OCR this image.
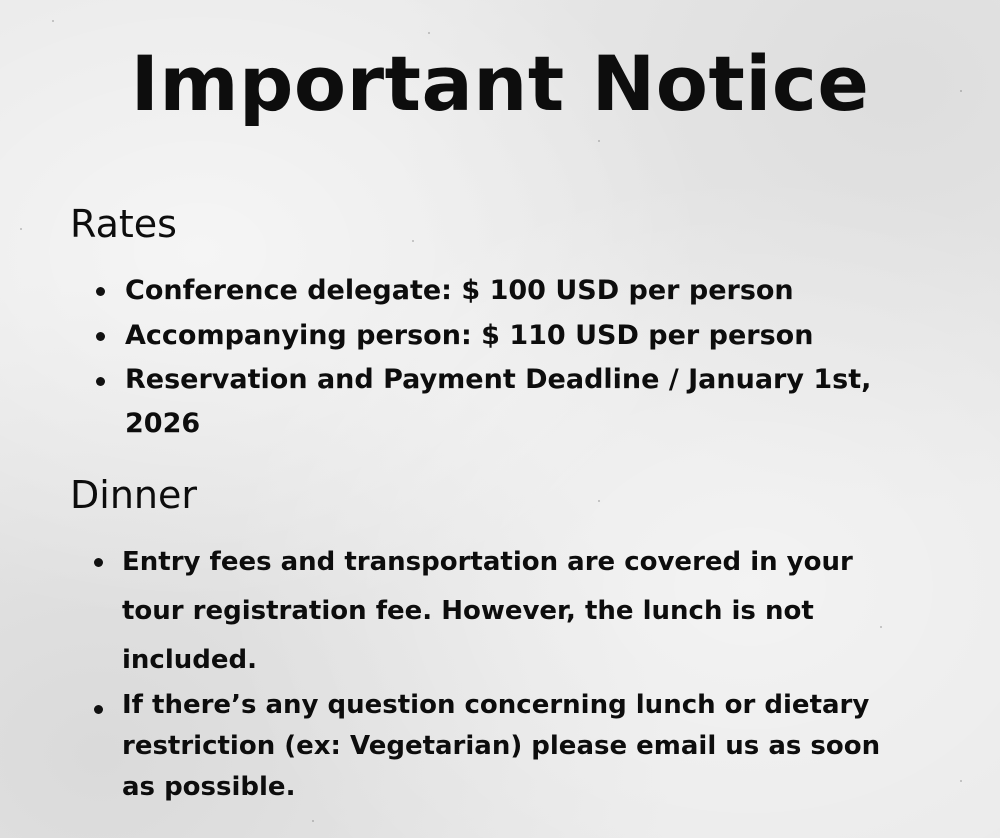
Important Notice
Rates
Conference delegate: $ 100 USD per person
Accompanying person: $ 110 USD per person
Reservation and Payment Deadline / January 1st, 2026
Dinner
Entry fees and transportation are covered in your tour registration fee. However, the lunch is not included.
If there’s any question concerning lunch or dietary restriction (ex: Vegetarian) please email us as soon as possible.
